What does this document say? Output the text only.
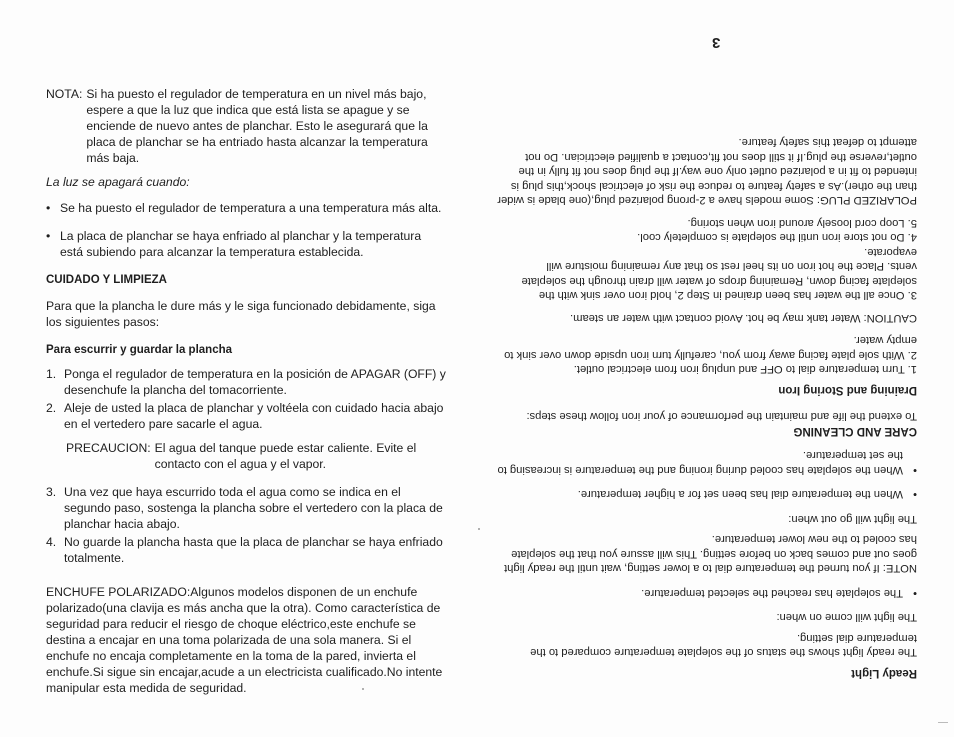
NOTA: Si ha puesto el regulador de temperatura en un nivel más bajo, espere a que la luz que indica que está lista se apague y se enciende de nuevo antes de planchar. Esto le asegurará que la placa de planchar se ha entriado hasta alcanzar la temperatura más baja.

La luz se apagará cuando:

• Se ha puesto el regulador de temperatura a una temperatura más alta.
• La placa de planchar se haya enfriado al planchar y la temperatura está subiendo para alcanzar la temperatura establecida.

CUIDADO Y LIMPIEZA

Para que la plancha le dure más y le siga funcionado debidamente, siga los siguientes pasos:

Para escurrir y guardar la plancha

1. Ponga el regulador de temperatura en la posición de APAGAR (OFF) y desenchufe la plancha del tomacorriente.
2. Aleje de usted la placa de planchar y voltéela con cuidado hacia abajo en el vertedero pare sacarle el agua.
PRECAUCION: El agua del tanque puede estar caliente. Evite el contacto con el agua y el vapor.
3. Una vez que haya escurrido toda el agua como se indica en el segundo paso, sostenga la plancha sobre el vertedero con la placa de planchar hacia abajo.
4. No guarde la plancha hasta que la placa de planchar se haya enfriado totalmente.

ENCHUFE POLARIZADO:Algunos modelos disponen de un enchufe polarizado(una clavija es más ancha que la otra). Como característica de seguridad para reducir el riesgo de choque eléctrico,este enchufe se destina a encajar en una toma polarizada de una sola manera. Si el enchufe no encaja completamente en la toma de la pared, invierta el enchufe.Si sigue sin encajar,acude a un electricista cualificado.No intente manipular esta medida de seguridad.

Ready Light

The ready light shows the status of the soleplate temperature compared to the temperature dial setting.

The light will come on when:

• The soleplate has reached the selected temperature.

NOTE: If you turned the temperature dial to a lower setting, wait until the ready light goes out and comes back on before setting. This will assure you that the soleplate has cooled to the new lower temperature.

The light will go out when:

• When the temperature dial has been set for a higher temperature.
• When the soleplate has cooled during ironing and the temperature is increasing to the set temperature.

CARE AND CLEANING

To extend the life and maintain the performance of your iron follow these steps:

Draining and Storing Iron

1. Turn temperature dial to OFF and unplug iron from electrical outlet.

2. With sole plate facing away from you, carefully turn iron upside down over sink to empty water.

CAUTION: Water tank may be hot. Avoid contact with water an steam.

3. Once all the water has been drained in Step 2, hold iron over sink with the soleplate facing down, Remaining drops of water will drain through the soleplate vents. Place the hot iron on its heel rest so that any remaining moisture will evaporate.

4. Do not store iron until the soleplate is completely cool.

5. Loop cord loosely around iron when storing.

POLARIZED PLUG: Some models have a 2-prong polarized plug,(one blade is wider than the other).As a safety feature to reduce the risk of electrical shock,this plug is intended to fit in a polarized outlet only one way.If the plug does not fit fully in the outlet,reverse the plug.If it still does not fit,contact a qualified electrician. Do not attempt to defeat this safety feature.

3
